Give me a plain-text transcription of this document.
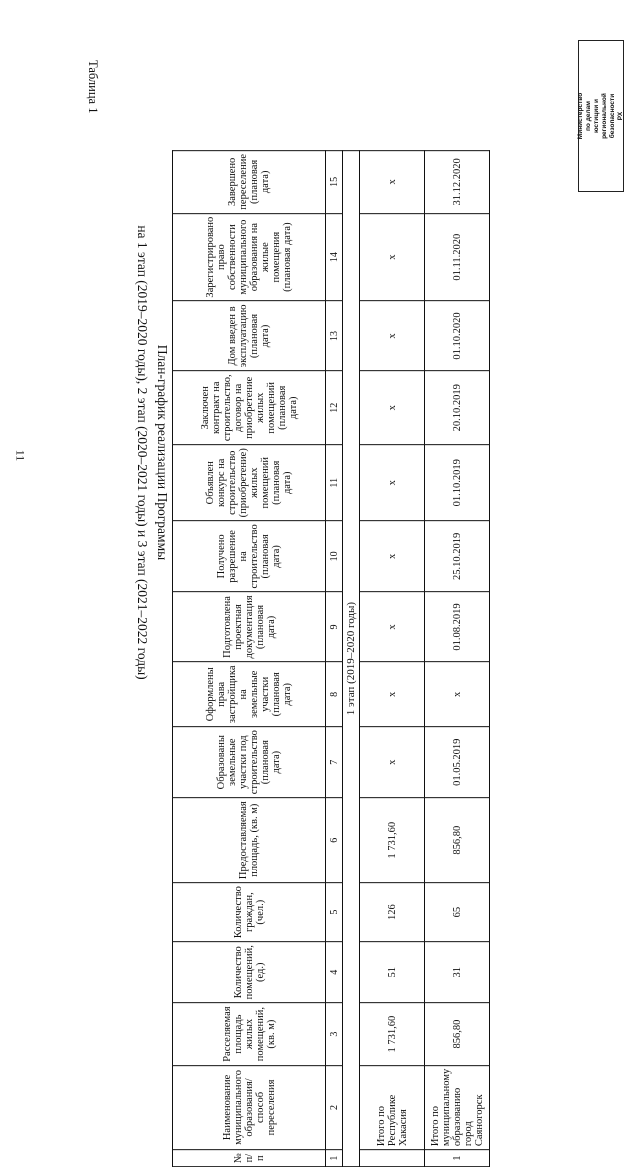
11
Министерство по делам юстиции и региональной безопасности РХ
План-график реализации Программы
на 1 этап (2019–2020 годы), 2 этап (2020–2021 годы) и 3 этап (2021–2022 годы)
Таблица 1
№ п/п	Наименование муниципального образования/ способ переселения	Расселяемая площадь жилых помещений, (кв. м)	Количество помещений, (ед.)	Количество граждан, (чел.)	Предоставляемая площадь, (кв. м)	Образованы земельные участки под строительство (плановая дата)	Оформлены права застройщика на земельные участки (плановая дата)	Подготовлена проектная документация (плановая дата)	Получено разрешение на строительство (плановая дата)	Объявлен конкурс на строительство (приобретение) жилых помещений (плановая дата)	Заключен контракт на строительство, договор на приобретение жилых помещений (плановая дата)	Дом введен в эксплуатацию (плановая дата)	Зарегистрировано право собственности муниципального образования на жилые помещения (плановая дата)	Завершено переселение (плановая дата)
1	2	3	4	5	6	7	8	9	10	11	12	13	14	15
1 этап (2019–2020 годы)														
	Итого по Республике Хакасия	1 731,60	51	126	1 731,60	х	х	х	х	х	х	х	х	х
1	Итого по муниципальному образованию город Саяногорск	856,80	31	65	856,80	01.05.2019	х	01.08.2019	25.10.2019	01.10.2019	20.10.2019	01.10.2020	01.11.2020	31.12.2020
